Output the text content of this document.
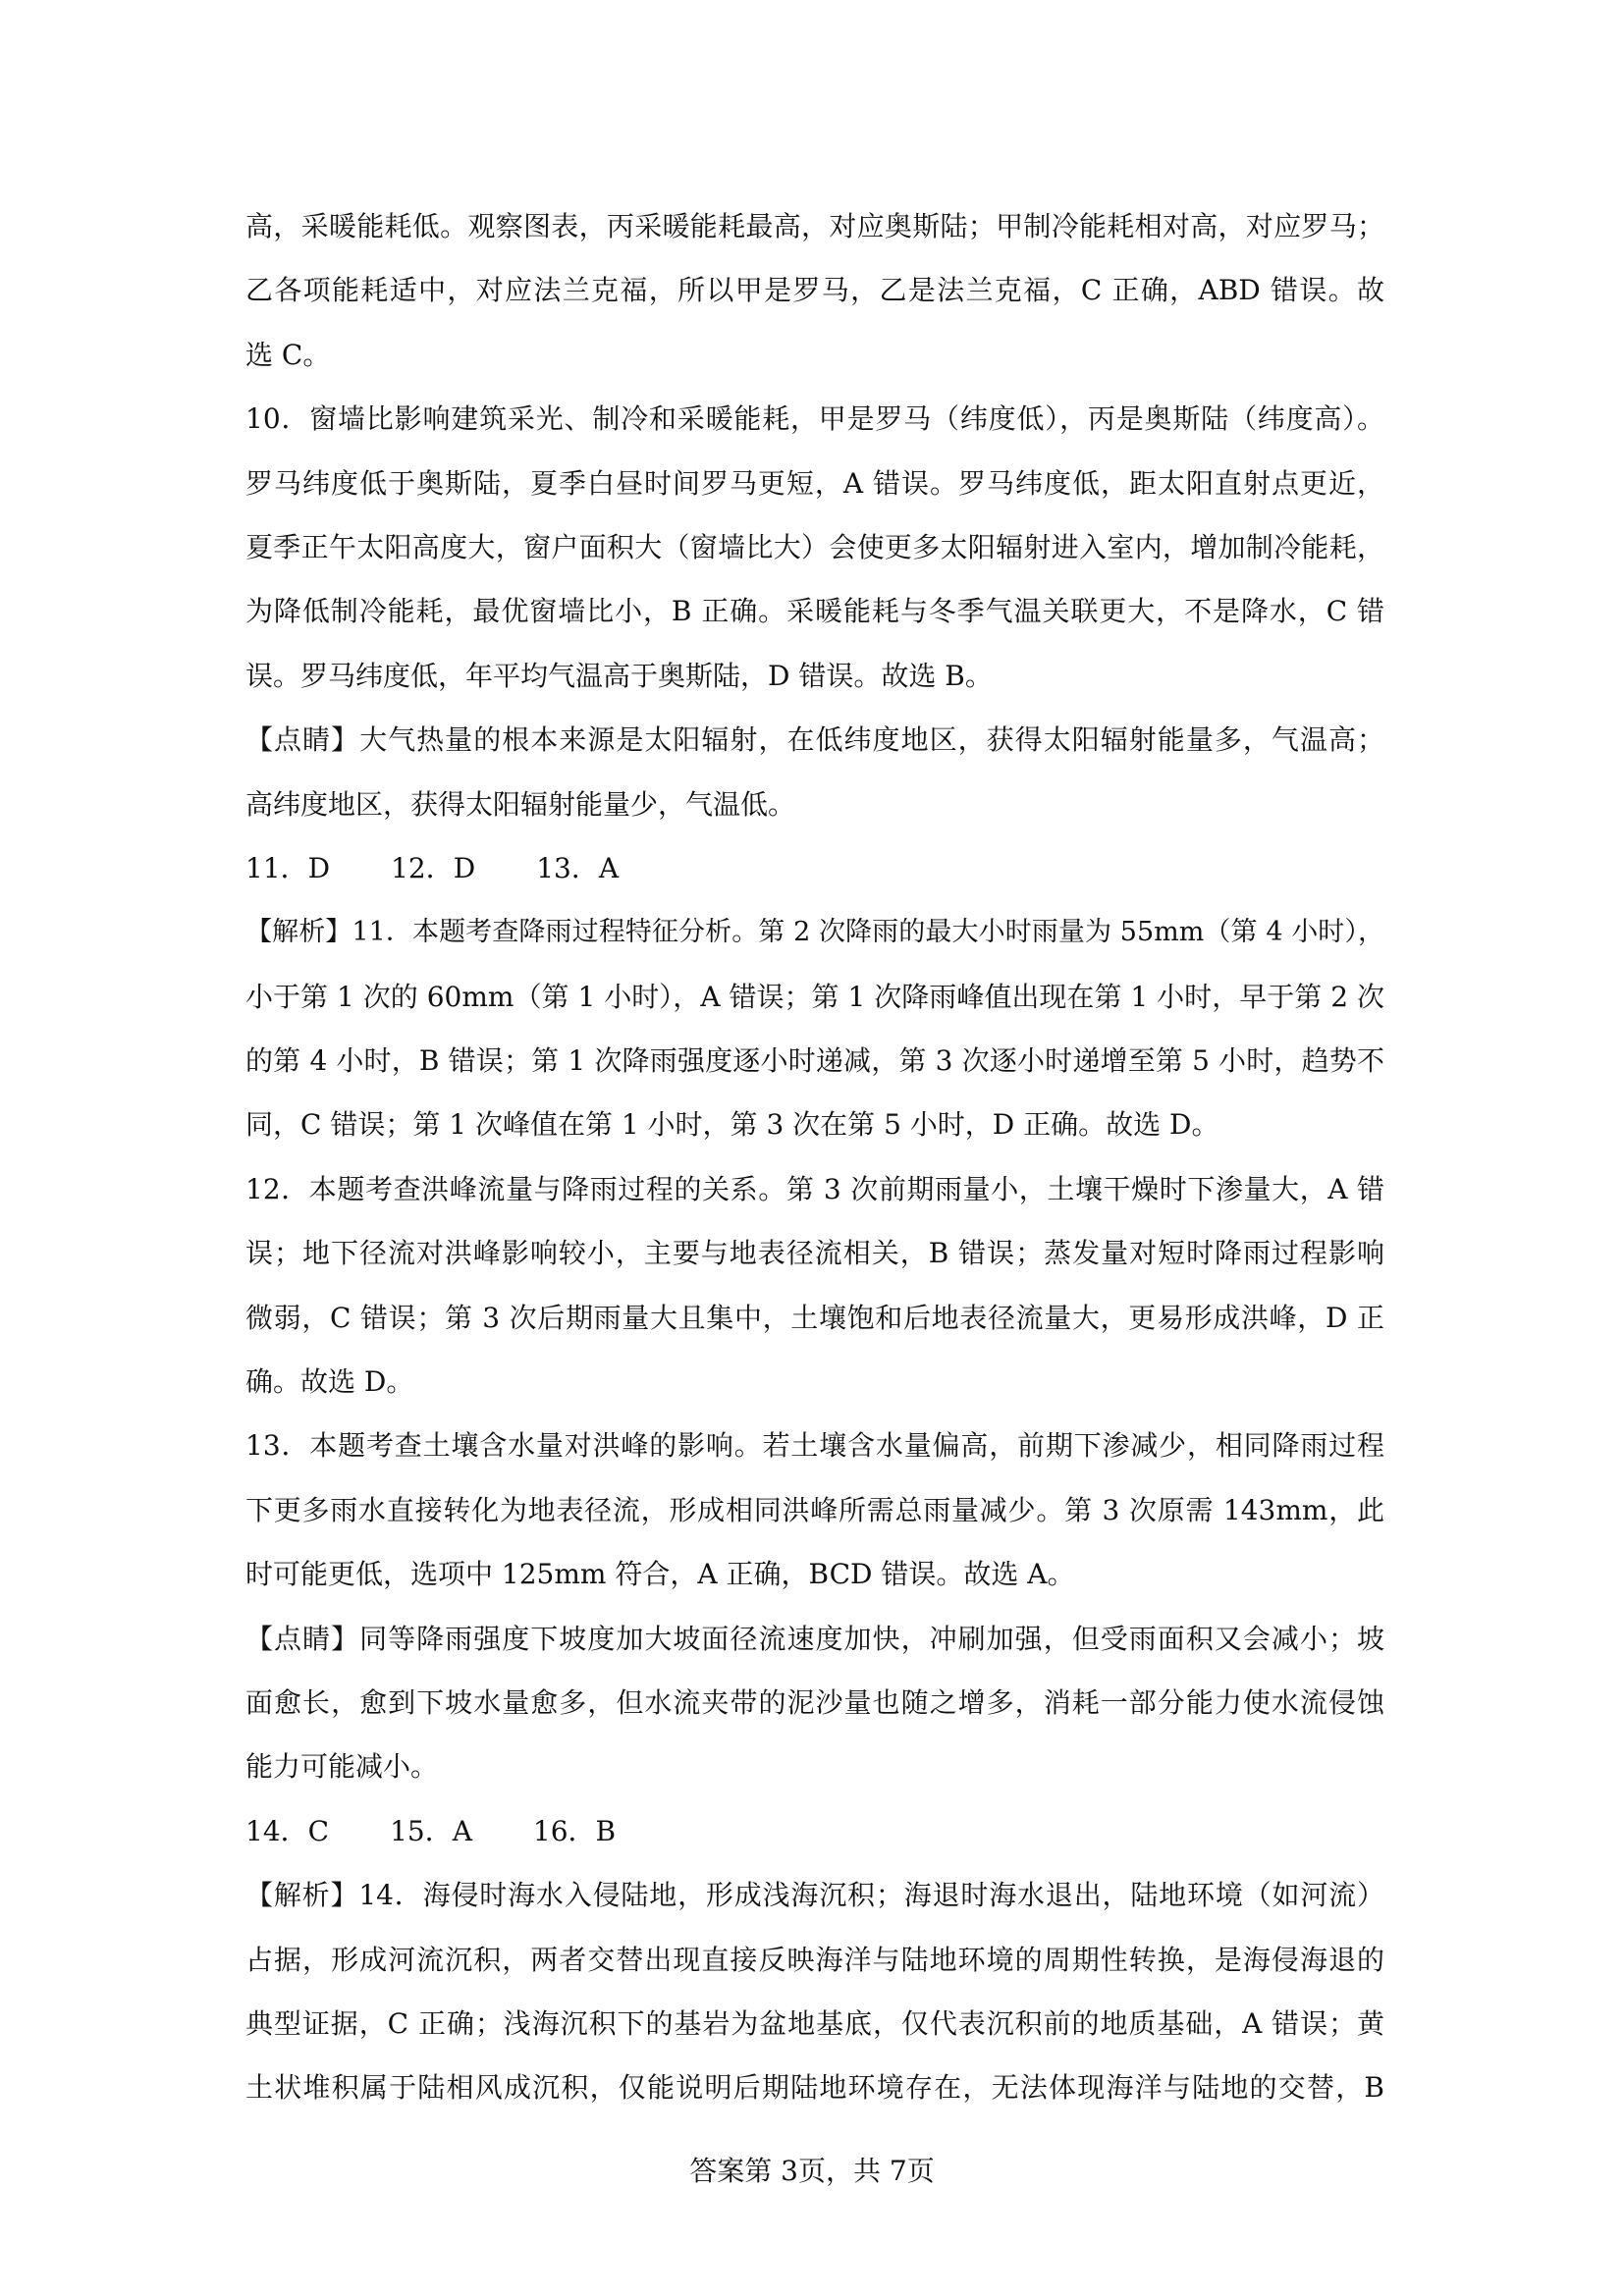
高，采暖能耗低。观察图表，丙采暖能耗最高，对应奥斯陆；甲制冷能耗相对高，对应罗马；
乙各项能耗适中，对应法兰克福，所以甲是罗马，乙是法兰克福，C 正确，ABD 错误。故
选 C。
10．窗墙比影响建筑采光、制冷和采暖能耗，甲是罗马（纬度低），丙是奥斯陆（纬度高）。
罗马纬度低于奥斯陆，夏季白昼时间罗马更短，A 错误。罗马纬度低，距太阳直射点更近，
夏季正午太阳高度大，窗户面积大（窗墙比大）会使更多太阳辐射进入室内，增加制冷能耗，
为降低制冷能耗，最优窗墙比小，B 正确。采暖能耗与冬季气温关联更大，不是降水，C 错
误。罗马纬度低，年平均气温高于奥斯陆，D 错误。故选 B。
【点睛】大气热量的根本来源是太阳辐射，在低纬度地区，获得太阳辐射能量多，气温高；
高纬度地区，获得太阳辐射能量少，气温低。
11．D 12．D 13．A
【解析】11．本题考查降雨过程特征分析。第 2 次降雨的最大小时雨量为 55mm（第 4 小时），
小于第 1 次的 60mm（第 1 小时），A 错误；第 1 次降雨峰值出现在第 1 小时，早于第 2 次
的第 4 小时，B 错误；第 1 次降雨强度逐小时递减，第 3 次逐小时递增至第 5 小时，趋势不
同，C 错误；第 1 次峰值在第 1 小时，第 3 次在第 5 小时，D 正确。故选 D。
12．本题考查洪峰流量与降雨过程的关系。第 3 次前期雨量小，土壤干燥时下渗量大，A 错
误；地下径流对洪峰影响较小，主要与地表径流相关，B 错误；蒸发量对短时降雨过程影响
微弱，C 错误；第 3 次后期雨量大且集中，土壤饱和后地表径流量大，更易形成洪峰，D 正
确。故选 D。
13．本题考查土壤含水量对洪峰的影响。若土壤含水量偏高，前期下渗减少，相同降雨过程
下更多雨水直接转化为地表径流，形成相同洪峰所需总雨量减少。第 3 次原需 143mm，此
时可能更低，选项中 125mm 符合，A 正确，BCD 错误。故选 A。
【点睛】同等降雨强度下坡度加大坡面径流速度加快，冲刷加强，但受雨面积又会减小；坡
面愈长，愈到下坡水量愈多，但水流夹带的泥沙量也随之增多，消耗一部分能力使水流侵蚀
能力可能减小。
14．C 15．A 16．B
【解析】14．海侵时海水入侵陆地，形成浅海沉积；海退时海水退出，陆地环境（如河流）
占据，形成河流沉积，两者交替出现直接反映海洋与陆地环境的周期性转换，是海侵海退的
典型证据，C 正确；浅海沉积下的基岩为盆地基底，仅代表沉积前的地质基础，A 错误；黄
土状堆积属于陆相风成沉积，仅能说明后期陆地环境存在，无法体现海洋与陆地的交替，B
答案第 3页，共 7页
